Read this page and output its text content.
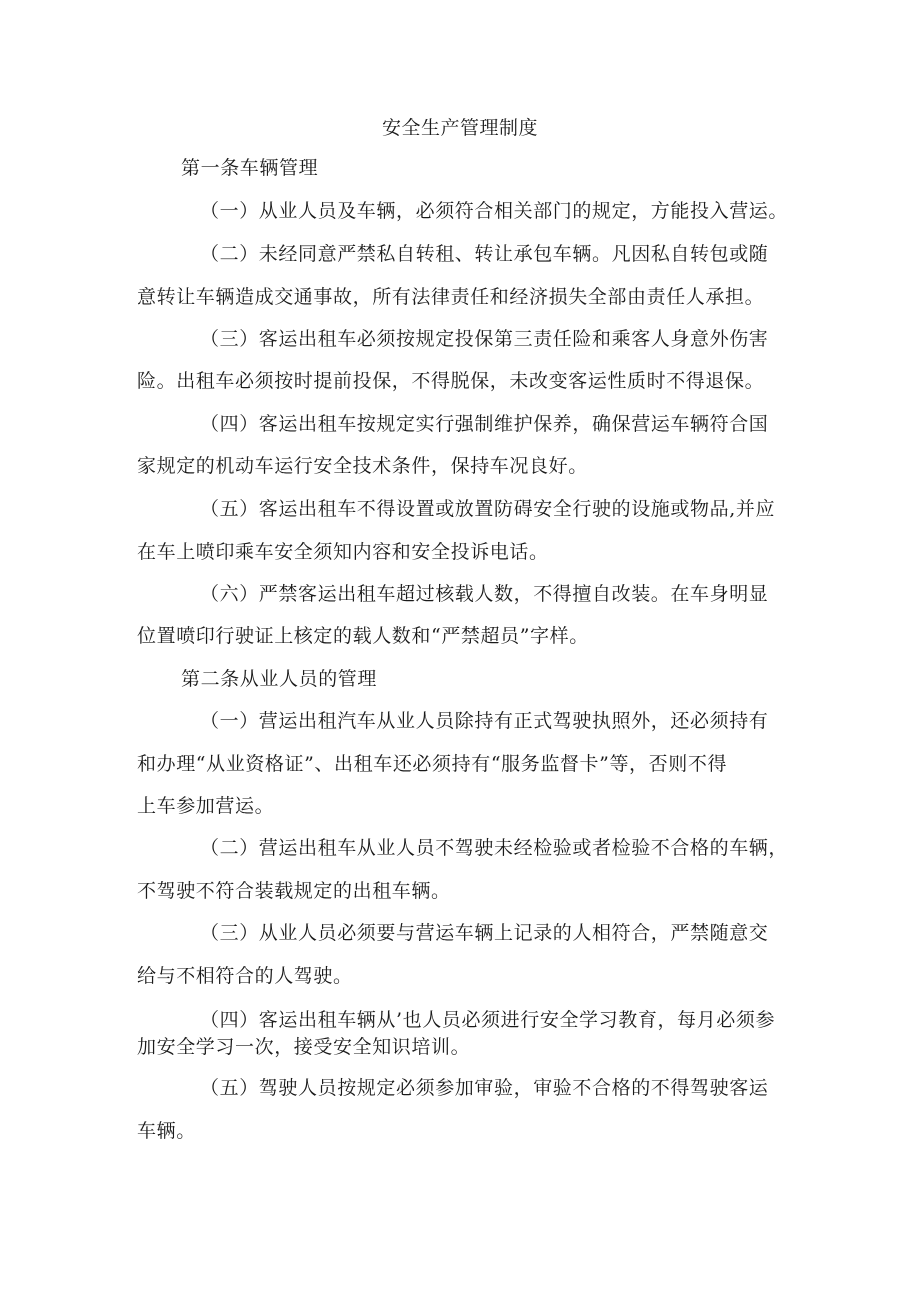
安全生产管理制度
第一条车辆管理
（一）从业人员及车辆，必须符合相关部门的规定，方能投入营运。
（二）未经同意严禁私自转租、转让承包车辆。凡因私自转包或随
意转让车辆造成交通事故，所有法律责任和经济损失全部由责任人承担。
（三）客运出租车必须按规定投保第三责任险和乘客人身意外伤害
险。出租车必须按时提前投保，不得脱保，未改变客运性质时不得退保。
（四）客运出租车按规定实行强制维护保养，确保营运车辆符合国
家规定的机动车运行安全技术条件，保持车况良好。
（五）客运出租车不得设置或放置防碍安全行驶的设施或物品,并应
在车上喷印乘车安全须知内容和安全投诉电话。
（六）严禁客运出租车超过核载人数，不得擅自改装。在车身明显
位置喷印行驶证上核定的载人数和“严禁超员”字样。
第二条从业人员的管理
（一）营运出租汽车从业人员除持有正式驾驶执照外，还必须持有
和办理“从业资格证”、出租车还必须持有“服务监督卡”等，否则不得
上车参加营运。
（二）营运出租车从业人员不驾驶未经检验或者检验不合格的车辆，
不驾驶不符合装载规定的出租车辆。
（三）从业人员必须要与营运车辆上记录的人相符合，严禁随意交
给与不相符合的人驾驶。
（四）客运出租车辆从’也人员必须进行安全学习教育，每月必须参
加安全学习一次，接受安全知识培训。
（五）驾驶人员按规定必须参加审验，审验不合格的不得驾驶客运
车辆。
